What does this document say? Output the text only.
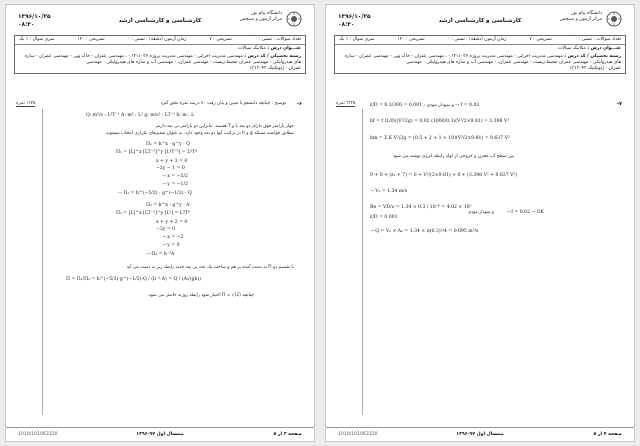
دانشگاه پیام نور
مرکز آزمون و سنجش
کارشناسی و کارشناسی ارشد
۱۳۹۶/۱۰/۲۵
۰۸:۳۰
تعداد سوالات : تستی : ۰
تشریحی : ۷
زمان آزمون (دقیقه) : تستی : ۰
تشریحی : ۱۲۰
سری سوال : ۱ یک
عنـــوان درس : مکانیک سیالات
رشته تحصیلی / کد درس : مهندسی مدیریت اجرایی - مهندسی مدیریت پروژه ۱۳۱۱۰۳۲ - ، مهندسی عمران - خاک وپی - مهندسی عمران - سازه
های هیدرولیکی - مهندسی عمران-محیط زیست - مهندسی عمران، - مهندسی آب و سازه های هیدرولیکی - مهندسی
عمران - ژئوتکنیک ۱۳۱۳۰۴۳
-۶
۱/۷۵ نمره	توضیح : چنانچه دانشجو با تعیین و بیان رفت ۷۰ درصد نمره تعلق گیرد
Q: m³/s : L³T⁻¹ A: m² : L² g: m/s² : LT⁻² h: m : L
چهار پارامتر فوق دارای دو بعد L و T هستند. بنابراین دو پارامتر بی بعد داریم.
مطابق خواسته مسئله g و h در ترکیب آنها دو بعد وجود دارد. به عنوان متغیرهای تکراری انتخاب میشوند.
Π₁ = h^x · g^y · Q
Π₁ = [L]^x [LT⁻²]^y [L³T⁻¹] = L⁰T⁰
x + y + 3 = 0
−2y − 1 = 0
→ x = −5/2
→ y = −1/2
→ Π₁ = h^(−5/2) · g^(−1/2) · Q
Π₂ = h^x · g^y · A
Π₂ = [L]^x [LT⁻²]^y [L²] = L⁰T⁰
x + y + 2 = 0
−2y = 0
→ x = −2
→ y = 0
→ Π₂ = h⁻²A
با تقسیم دو Π به دست آمده بر هم و ساخت یک عدد بی بعد جدید رابطه زیر به دست می آید
Π = Π₁/Π₂ = h^(−5/2)·g^(−1/2)·Q / (h⁻²·A) = Q / (A√(gh))
چنانچه Π = √(2) اختیار شود رابطه روزنه حاصل می شود.
صفحه ۳ از ۵
نیمسال اول ۹۷-۱۳۹۶
1010/101063320
دانشگاه پیام نور
مرکز آزمون و سنجش
کارشناسی و کارشناسی ارشد
۱۳۹۶/۱۰/۲۵
۰۸:۳۰
تعداد سوالات : تستی : ۰
تشریحی : ۷
زمان آزمون (دقیقه) : تستی : ۰
تشریحی : ۱۲۰
سری سوال : ۱ یک
عنـــوان درس : مکانیک سیالات
رشته تحصیلی / کد درس : مهندسی مدیریت اجرایی - مهندسی مدیریت پروژه ۱۳۱۱۰۳۲ - ، مهندسی عمران - خاک وپی - مهندسی عمران - سازه
های هیدرولیکی - مهندسی عمران-محیط زیست - مهندسی عمران، - مهندسی آب و سازه های هیدرولیکی - مهندسی
عمران - ژئوتکنیک ۱۳۱۳۰۴۳
-۷
۲/۲۵ نمره	ε/D = 0.3/300 = 0.001 ; و نمودار مودی → f = 0.02
hf = f (L/D)(V²/2g) = 0.02 (1000/0.3)(V²/2×9.81) = 3.398 V²
hm = Σ K V²/2g = (0.5 + 2 + 1 + 10)(V²/2×9.81) = 0.637 V²
بین سطح آب مخزن و خروجی از لوله رابطه انرژی نوشته می شود
0 + 0 + (z₁ + 7) = 0 + V²/(2×9.81) + 0 + (3.398 V² + 0.637 V²)
→ V₂ = 1.34 m/s
Re = VD/ν = 1.34 × 0.3 / 10⁻⁶ = 4.02 × 10⁵
ε/D = 0.001
و نمودار مودی	→ f = 0.02 → OK
→ Q = V₂ × A₂ = 1.34 × π(0.3)²/4 = 0.095 m³/s
صفحه ۴ از ۵
نیمسال اول ۹۷-۱۳۹۶
1010/101063320
